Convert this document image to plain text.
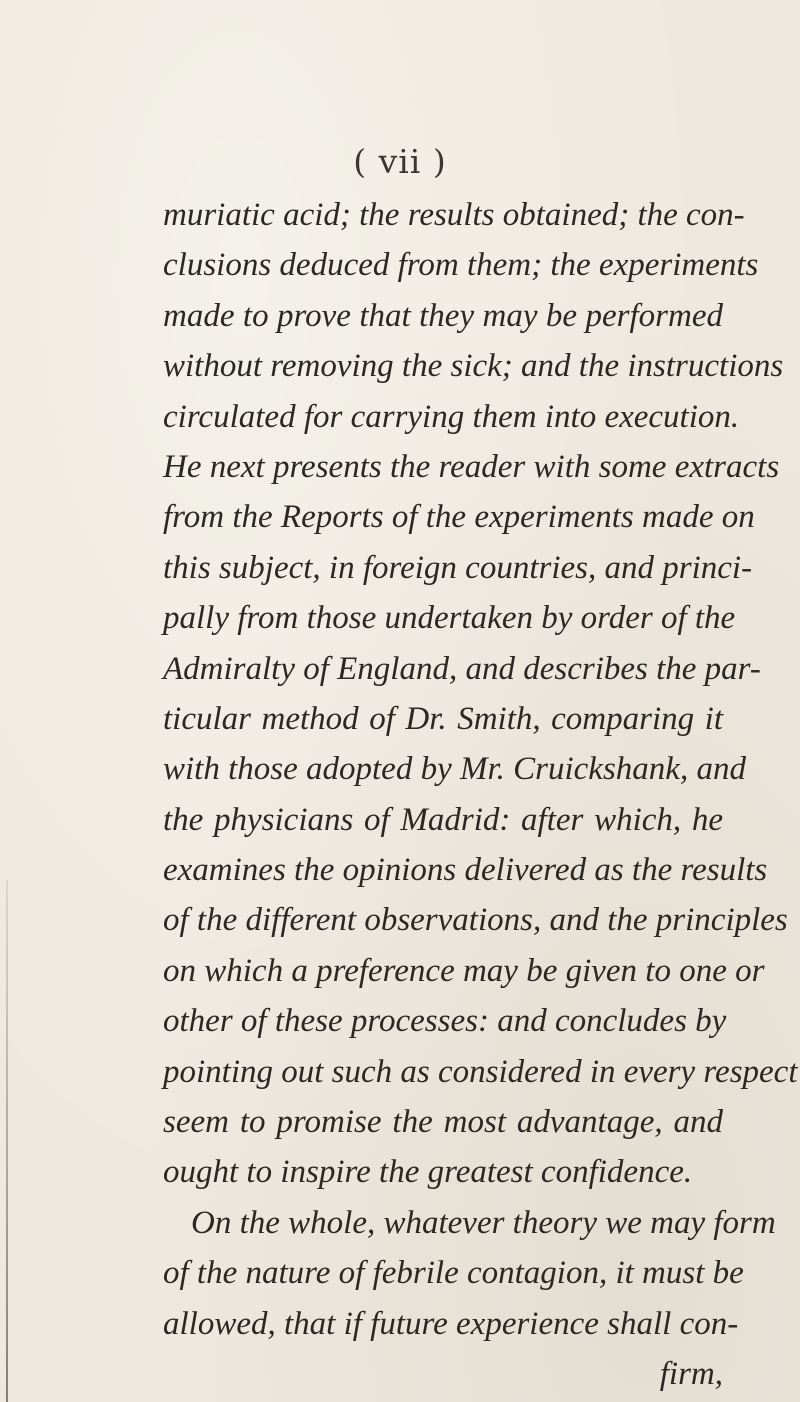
( vii )
muriatic acid; the results obtained; the con-
clusions deduced from them; the experiments
made to prove that they may be performed
without removing the sick; and the instructions
circulated for carrying them into execution.
He next presents the reader with some extracts
from the Reports of the experiments made on
this subject, in foreign countries, and princi-
pally from those undertaken by order of the
Admiralty of England, and describes the par-
ticular method of Dr. Smith, comparing it
with those adopted by Mr. Cruickshank, and
the physicians of Madrid: after which, he
examines the opinions delivered as the results
of the different observations, and the principles
on which a preference may be given to one or
other of these processes: and concludes by
pointing out such as considered in every respect
seem to promise the most advantage, and
ought to inspire the greatest confidence.
On the whole, whatever theory we may form
of the nature of febrile contagion, it must be
allowed, that if future experience shall con-
firm,
